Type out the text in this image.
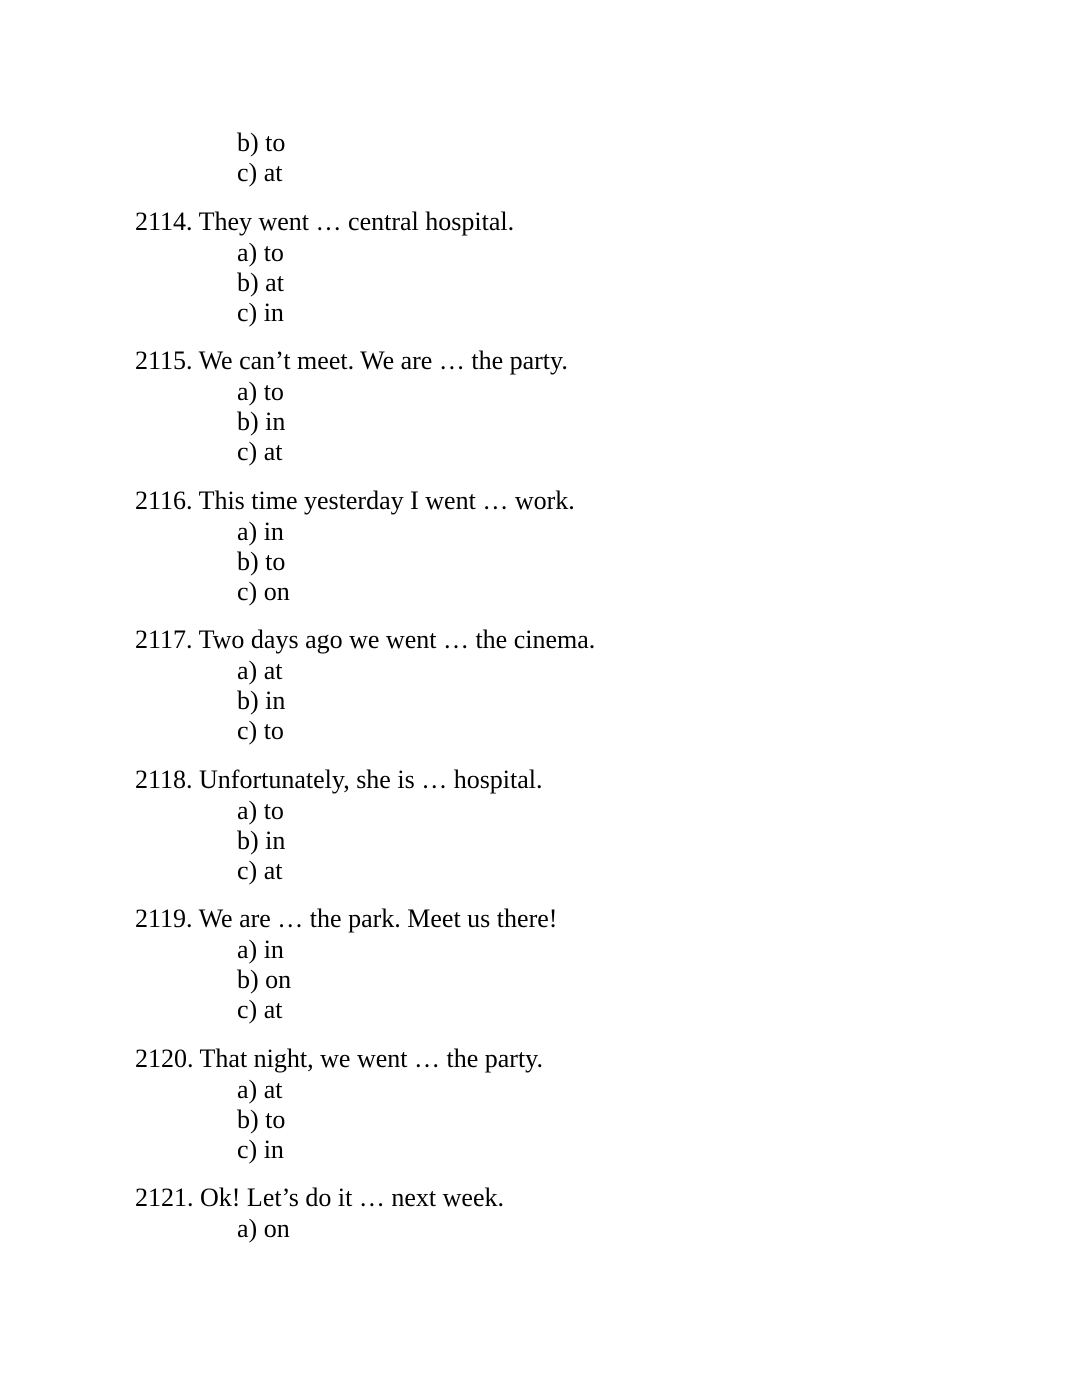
b) to
c) at
2114. They went … central hospital.
a) to
b) at
c) in
2115. We can’t meet. We are … the party.
a) to
b) in
c) at
2116. This time yesterday I went … work.
a) in
b) to
c) on
2117. Two days ago we went … the cinema.
a) at
b) in
c) to
2118. Unfortunately, she is … hospital.
a) to
b) in
c) at
2119. We are … the park. Meet us there!
a) in
b) on
c) at
2120. That night, we went … the party.
a) at
b) to
c) in
2121. Ok! Let’s do it … next week.
a) on
